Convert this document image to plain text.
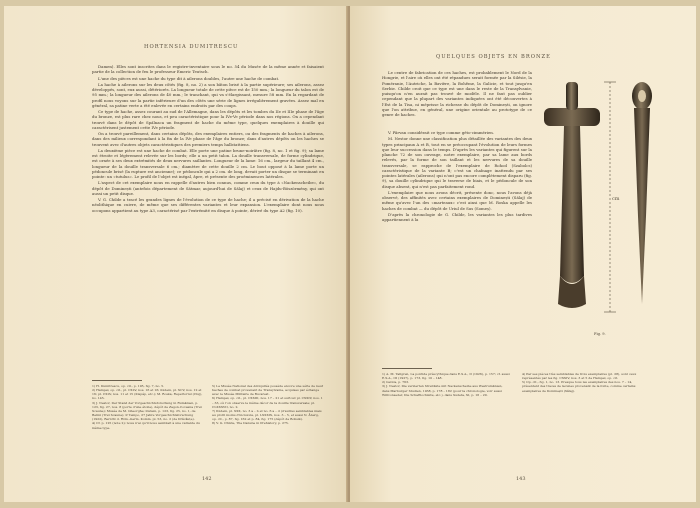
HORTENSIA DUMITRESCU

Damen). Elles sont inscrites dans le registre-inventaire sous le no. 54 du Musée de la même année et faisaient partie de la collection de feu le professeur Emeric Teutsch.

L'une des pièces est une hache du type dit à ailerons doubles, l'autre une hache de combat.

La hache à ailerons sur les deux côtés (fig. 8, no. 2) a son bâton brisé à la partie supérieure; ses ailerons, assez développés, sont, eux aussi, détériorés. La longueur totale de cette pièce est de 150 mm.; la longueur du talon est de 95 mm.; la longueur des ailerons de 40 mm.; le tranchant, qui va s'élargissant, mesure 58 mm. En la regardant de profil nous voyons sur la partie inférieure d'un des côtés une série de lignes irrégulièrement gravées. Assez mal en général, sa patine verte a été enlevée en certains endroits par des coups.

Ce type de hache, assez courant au sud de l'Allemagne, dans les dépôts et les tombes du IIe et IIIe phase de l'âge du bronze, est plus rare chez nous, et peu caractéristique pour la IVe-Ve période dans nos régions. On a cependant trouvé dans le dépôt de Spálnaca un fragment de hache du même type, quelques exemplaires à douille qui caractérisent justement cette IVe période.

On a trouvé pareillement, dans certains dépôts, des exemplaires entiers, ou des fragments de haches à ailerons, dans des milieux correspondant à la fin de la IVe phase de l'âge du bronze; dans d'autres dépôts on les haches se trouvent avec d'autres objets caractéristiques des premiers temps hallstattiens.

La deuxième pièce est une hache de combat. Elle porte une patine brune-noirâtre (fig. 8, no. 1 et fig. 9); sa lame est étroite et légèrement relevée sur les bords; elle a un petit talon. La douille transversale, de forme cylindrique, est ornée à ses deux extrémités de deux nervures saillantes. Longueur de la lame: 16 cm., largeur du taillant 4 cm., longueur de la douille transversale 6 cm.; diamètre de cette douille 2 cm. Le bout opposé à la lame porte un pédoncule brisé (la rupture est ancienne); ce pédoncule qui a 2 cm. de long, devait porter un disque se terminant en pointe: un «tutulus». Le profil de l'objet est inégal, âpre, et présente des proéminences latérales.

L'aspect de cet exemplaire nous en rappelle d'autres bien connus, comme ceux du type à «Nackenscheibe», du dépôt de Dominești (antefois département de Sătmar, aujourd'hui de Sălaj) et ceux de Hajdu-Böszörmény, qui ont aussi un petit disque.

V. G. Childe a tracé les grandes lignes de l'évolution de ce type de hache; il a précisé en dérivation de la hache néolithique en cuivre, de même que ses différentes variantes et leur expansion. L'exemplaire dont nous nous occupons appartient au type A3, caractérisé par l'extrémité en disque à pointe, dérivé du type A2 (fig. 10).

1) H. Dumitrescu, op. cit., p. 195, fig. 7, no. 5.

2) Hampel, op. cit., pl. CXLV, nos. 16 et 16; ibidem, pl. XCV, nos. 12 et 16; pl. CXLV, nos. 11 et 15 (Kispáp, etc.); M. Roska, Repertoriul (Cluj), no. 145.

3) J. Nestor, Der Stand der Vorgeschichtsforschung in Rumänien, p. 123, fig. 27, nos. 8 (porte d'une étoile), dépôt de Zagon-Covasna (Treï Scaune); Musée de M. Gheorghe; ibidem, p. 123, fig. 25, no. 1, de Belini (Treï Scaune); P. Tempo, 27 Jahre Vorgeschichtsforschung (1922), Bericht d. Röm.-Germ. Komm. pl. 53, no. 2 (de Drăcăuțe).

4) Cf. p. 125 (note 2); nous n'ai qu'il nous semblait à une variante du même type.

5) Le Musée National des Antiquités possède encore une série de neuf haches de combat provenant de Transylvanie, acquises par échange avec le Musée Militaire de Bucarest.

6) Hampel, op. cit., pl. CXXIII, nos. 17 – 21 et surtout pl. CXXIV, nos. 1 – 33, où l'on observe le même décor de la douille transversale; pl. CLXXXVII, no. 2.

7) Ibidem, pl. XXX, no. 3 a – b et no. 6 a – d (d'autres semblables mais au profil moins d'incisions, pl. LXXXIX, nos. 3 – 5, et aussi N. Åberg, op. cit., p. 87, fig. 162 et p. 84, fig. 175 (dépôt de Bohsik).

8) V. G. Childe, The Danube in Prehistory, p. 275.

142
QUELQUES OBJETS EN BRONZE

Le centre de fabrication de ces haches, est probablement le Nord de la Hongrie, et l'aire où elles ont été répandues serait formée par la Silésie, la Poméranie, l'Autriche, la Bavière, la Bohême, la Galicie, et tout jusqu'en Serbie. Childe croit que ce type est une dans le reste de la Transylvanie, puisqu'on n'en aurait pas trouvé de modèle. Il ne faut pas oublier cependant que la plupart des variantes indiquées ont été découvertes à l'Est de la Tisa, ni méprisse la richesse du dépôt de Dominești, on ignore que l'on attribue, en général, une origine orientale au prototype de ce genre de haches.

V. Pârvan considérait ce type comme géto-cimmérien.

M. Nestor donne une classification plus détaillée des variantes des deux types principaux A et B, tout en se préoccupant l'évolution de leurs formes que leur succession dans le temps. D'après les variantes qui figurent sur la planche 72 de son ouvrage, notre exemplaire, par sa lame aux bords relevés, par la forme de son taillant et les nervures de sa douille transversale, se rapproche de l'exemplaire de Rohod (Szabolcs) caractéristique de la variante B; c'est un chaînage inattendu par ses pointes latérales (ailerons) qui n'ont pas encore complètement disparu (fig. 9), sa douille cylindrique qui le traverse de biais, et le pédoncule de son disque absent, qui n'est pas parfaitement rond.

L'exemplaire que nous avons décrit, présente donc, nous l'avons déjà observé, des affinités avec certains exemplaires de Dominești (Sălaj) de même qu'avec l'un des «marteaux» c'est ainsi que M. Roska appelle les haches de combat — du dépôt de Uriul de Sus (Someș).

D'après la chronologie de G. Childe, les variantes les plus tardives appartiennent à la

cm
Fig. 9.

1) A. M. Tallgren, La pontide préscythique dans E.S.A., II (1926), p. 157; cf. aussi E.S.A., III (1927), p. 173, fig. 10 – 148.

2) Getica, p. 763.

3) J. Nestor, Die verzierten Streitäxte mit Nackenscheibe aus Westrumänien, dans Marburger Studien, 1938, p. 178 – 182 (pour la chronologie, voir aussi Willvonseder, Die Schaftlochäxte, etc.), dans Sudeta, XI, p. 16 – 20.

4) Par ses pièces très semblables de trois exemplaires (pl. 28), sont ceux représentés par les fig. CXXIV, nos. 3 et 5 de Hampel, op. cit.

5) Op. cit., fig. 1, no. 13. Presque tous les exemplaires des nos. 7 – 14, présentent des traces de lacunes provenant de la fonte, comme certains exemplaires de Dominești (Sălaj).

143
